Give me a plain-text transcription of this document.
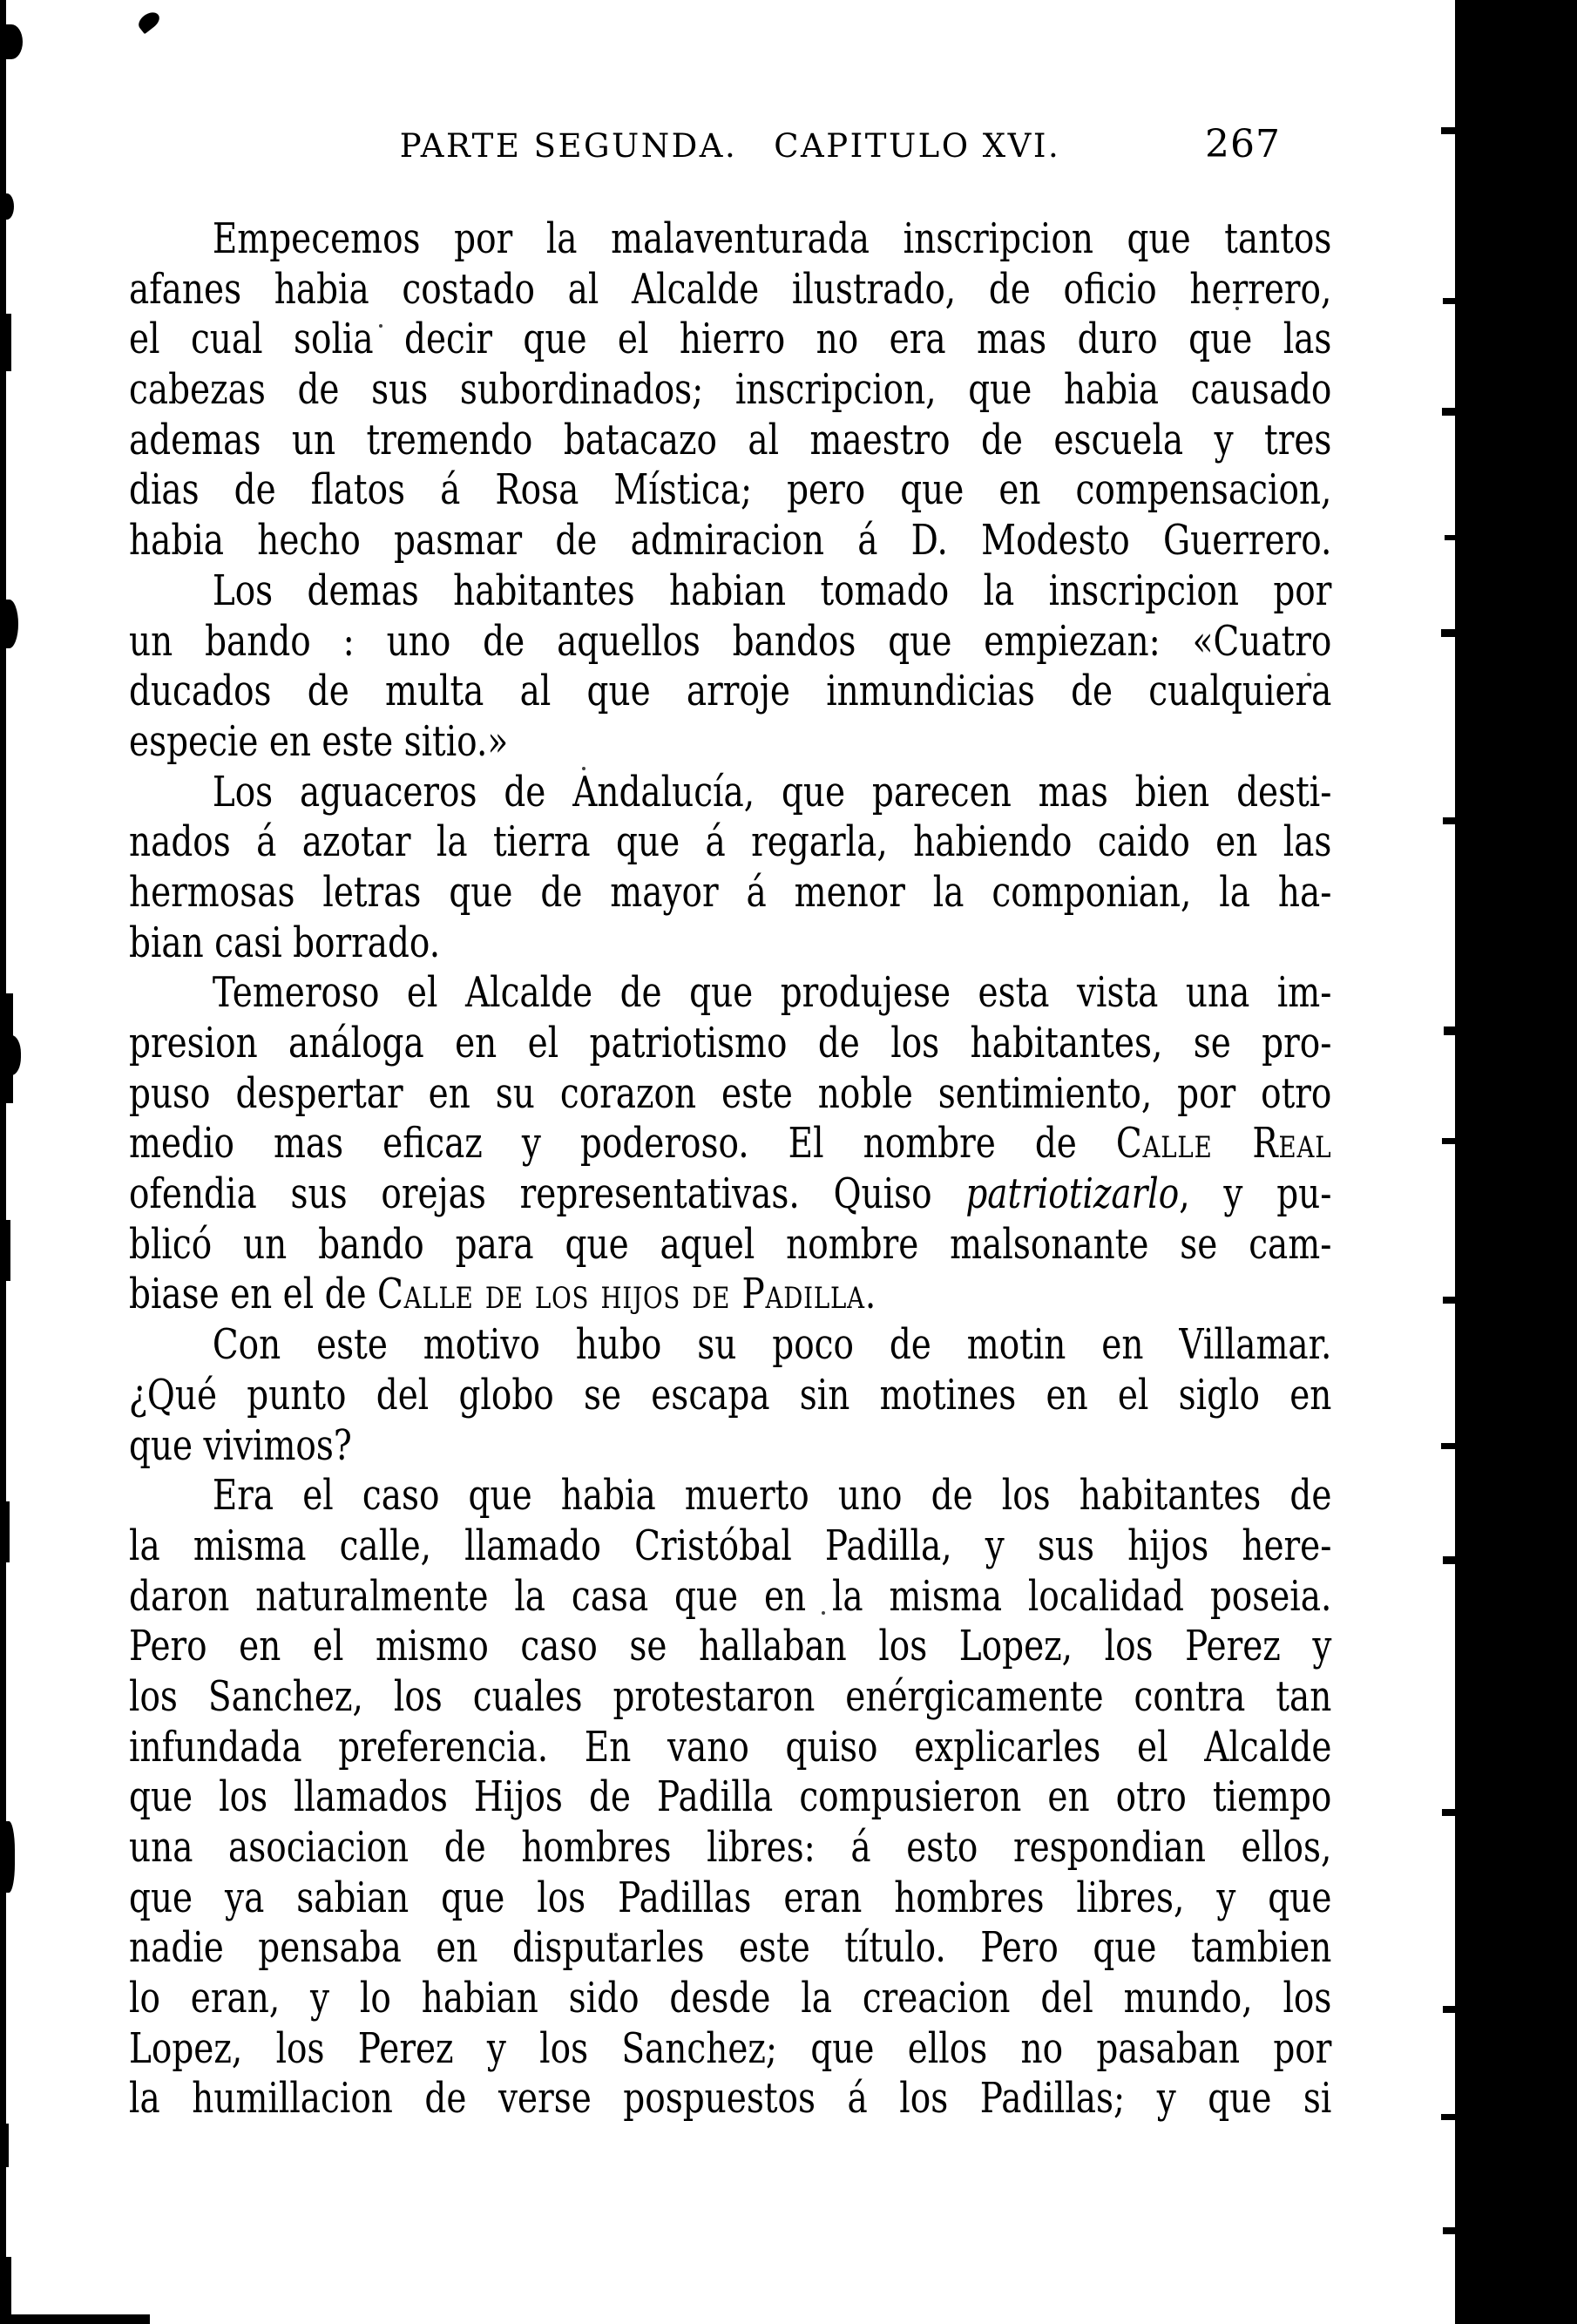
PARTE SEGUNDA. CAPITULO XVI.	267
Empecemos por la malaventurada inscripcion que tantos
afanes habia costado al Alcalde ilustrado, de oficio herrero,
el cual solia decir que el hierro no era mas duro que las
cabezas de sus subordinados; inscripcion, que habia causado
ademas un tremendo batacazo al maestro de escuela y tres
dias de flatos á Rosa Mística; pero que en compensacion,
habia hecho pasmar de admiracion á D. Modesto Guerrero.
Los demas habitantes habian tomado la inscripcion por
un bando : uno de aquellos bandos que empiezan: «Cuatro
ducados de multa al que arroje inmundicias de cualquiera
especie en este sitio.»
Los aguaceros de Andalucía, que parecen mas bien desti-
nados á azotar la tierra que á regarla, habiendo caido en las
hermosas letras que de mayor á menor la componian, la ha-
bian casi borrado.
Temeroso el Alcalde de que produjese esta vista una im-
presion análoga en el patriotismo de los habitantes, se pro-
puso despertar en su corazon este noble sentimiento, por otro
medio mas eficaz y poderoso. El nombre de Calle Real
ofendia sus orejas representativas. Quiso patriotizarlo, y pu-
blicó un bando para que aquel nombre malsonante se cam-
biase en el de Calle de los hijos de Padilla.
Con este motivo hubo su poco de motin en Villamar.
¿Qué punto del globo se escapa sin motines en el siglo en
que vivimos?
Era el caso que habia muerto uno de los habitantes de
la misma calle, llamado Cristóbal Padilla, y sus hijos here-
daron naturalmente la casa que en la misma localidad poseia.
Pero en el mismo caso se hallaban los Lopez, los Perez y
los Sanchez, los cuales protestaron enérgicamente contra tan
infundada preferencia. En vano quiso explicarles el Alcalde
que los llamados Hijos de Padilla compusieron en otro tiempo
una asociacion de hombres libres: á esto respondian ellos,
que ya sabian que los Padillas eran hombres libres, y que
nadie pensaba en disputarles este título. Pero que tambien
lo eran, y lo habian sido desde la creacion del mundo, los
Lopez, los Perez y los Sanchez; que ellos no pasaban por
la humillacion de verse pospuestos á los Padillas; y que si
